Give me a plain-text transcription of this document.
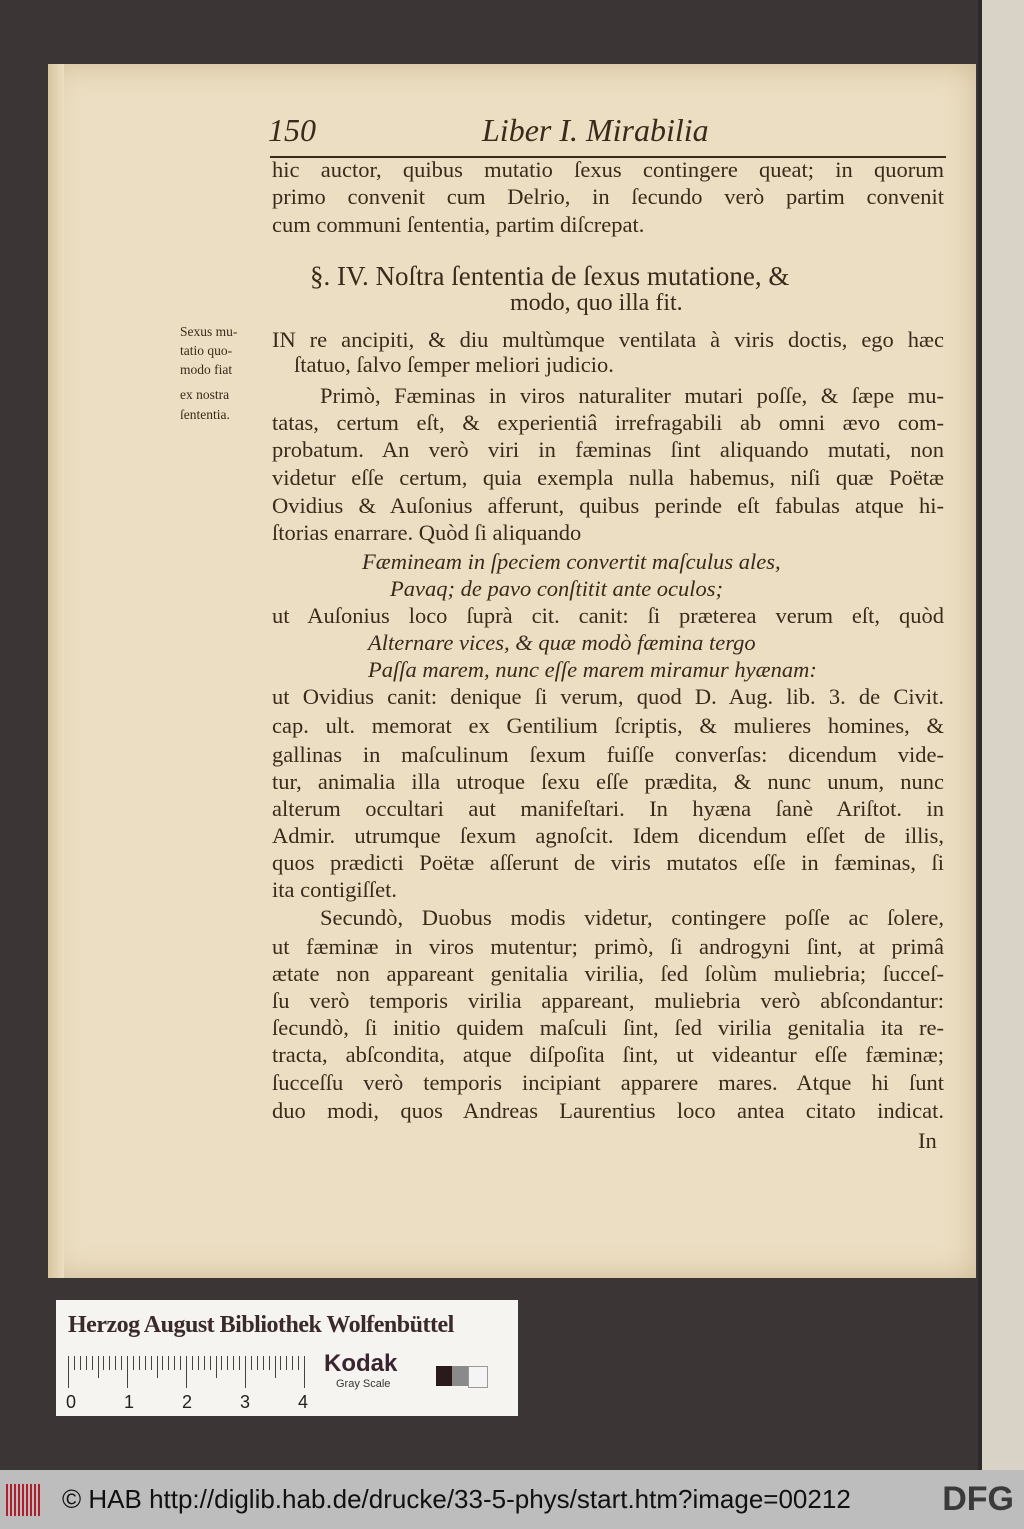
150	Liber I. Mirabilia
Sexus mu-
tatio quo-
modo fiat
ex nostra
ſententia.
hic auctor, quibus mutatio ſexus contingere queat; in quorum
primo convenit cum Delrio, in ſecundo verò partim convenit
cum communi ſententia, partim diſcrepat.
§. IV. Noſtra ſententia de ſexus mutatione, &
modo, quo illa fit.
IN re ancipiti, & diu multùmque ventilata à viris doctis, ego hæc
ſtatuo, ſalvo ſemper meliori judicio.
Primò, Fæminas in viros naturaliter mutari poſſe, & ſæpe mu-
tatas, certum eſt, & experientiâ irrefragabili ab omni ævo com-
probatum. An verò viri in fæminas ſint aliquando mutati, non
videtur eſſe certum, quia exempla nulla habemus, niſi quæ Poëtæ
Ovidius & Auſonius afferunt, quibus perinde eſt fabulas atque hi-
ſtorias enarrare. Quòd ſi aliquando
Fæmineam in ſpeciem convertit maſculus ales,
Pavaq; de pavo conſtitit ante oculos;
ut Auſonius loco ſuprà cit. canit: ſi præterea verum eſt, quòd
Alternare vices, & quæ modò fæmina tergo
Paſſa marem, nunc eſſe marem miramur hyænam:
ut Ovidius canit: denique ſi verum, quod D. Aug. lib. 3. de Civit.
cap. ult. memorat ex Gentilium ſcriptis, & mulieres homines, &
gallinas in maſculinum ſexum fuiſſe converſas: dicendum vide-
tur, animalia illa utroque ſexu eſſe prædita, & nunc unum, nunc
alterum occultari aut manifeſtari. In hyæna ſanè Ariſtot. in
Admir. utrumque ſexum agnoſcit. Idem dicendum eſſet de illis,
quos prædicti Poëtæ aſſerunt de viris mutatos eſſe in fæminas, ſi
ita contigiſſet.
Secundò, Duobus modis videtur, contingere poſſe ac ſolere,
ut fæminæ in viros mutentur; primò, ſi androgyni ſint, at primâ
ætate non appareant genitalia virilia, ſed ſolùm muliebria; ſucceſ-
ſu verò temporis virilia appareant, muliebria verò abſcondantur:
ſecundò, ſi initio quidem maſculi ſint, ſed virilia genitalia ita re-
tracta, abſcondita, atque diſpoſita ſint, ut videantur eſſe fæminæ;
ſucceſſu verò temporis incipiant apparere mares. Atque hi ſunt
duo modi, quos Andreas Laurentius loco antea citato indicat.
In
Herzog August Bibliothek Wolfenbüttel
0	1	2	3	4
Kodak
Gray Scale
© HAB http://diglib.hab.de/drucke/33-5-phys/start.htm?image=00212	DFG
